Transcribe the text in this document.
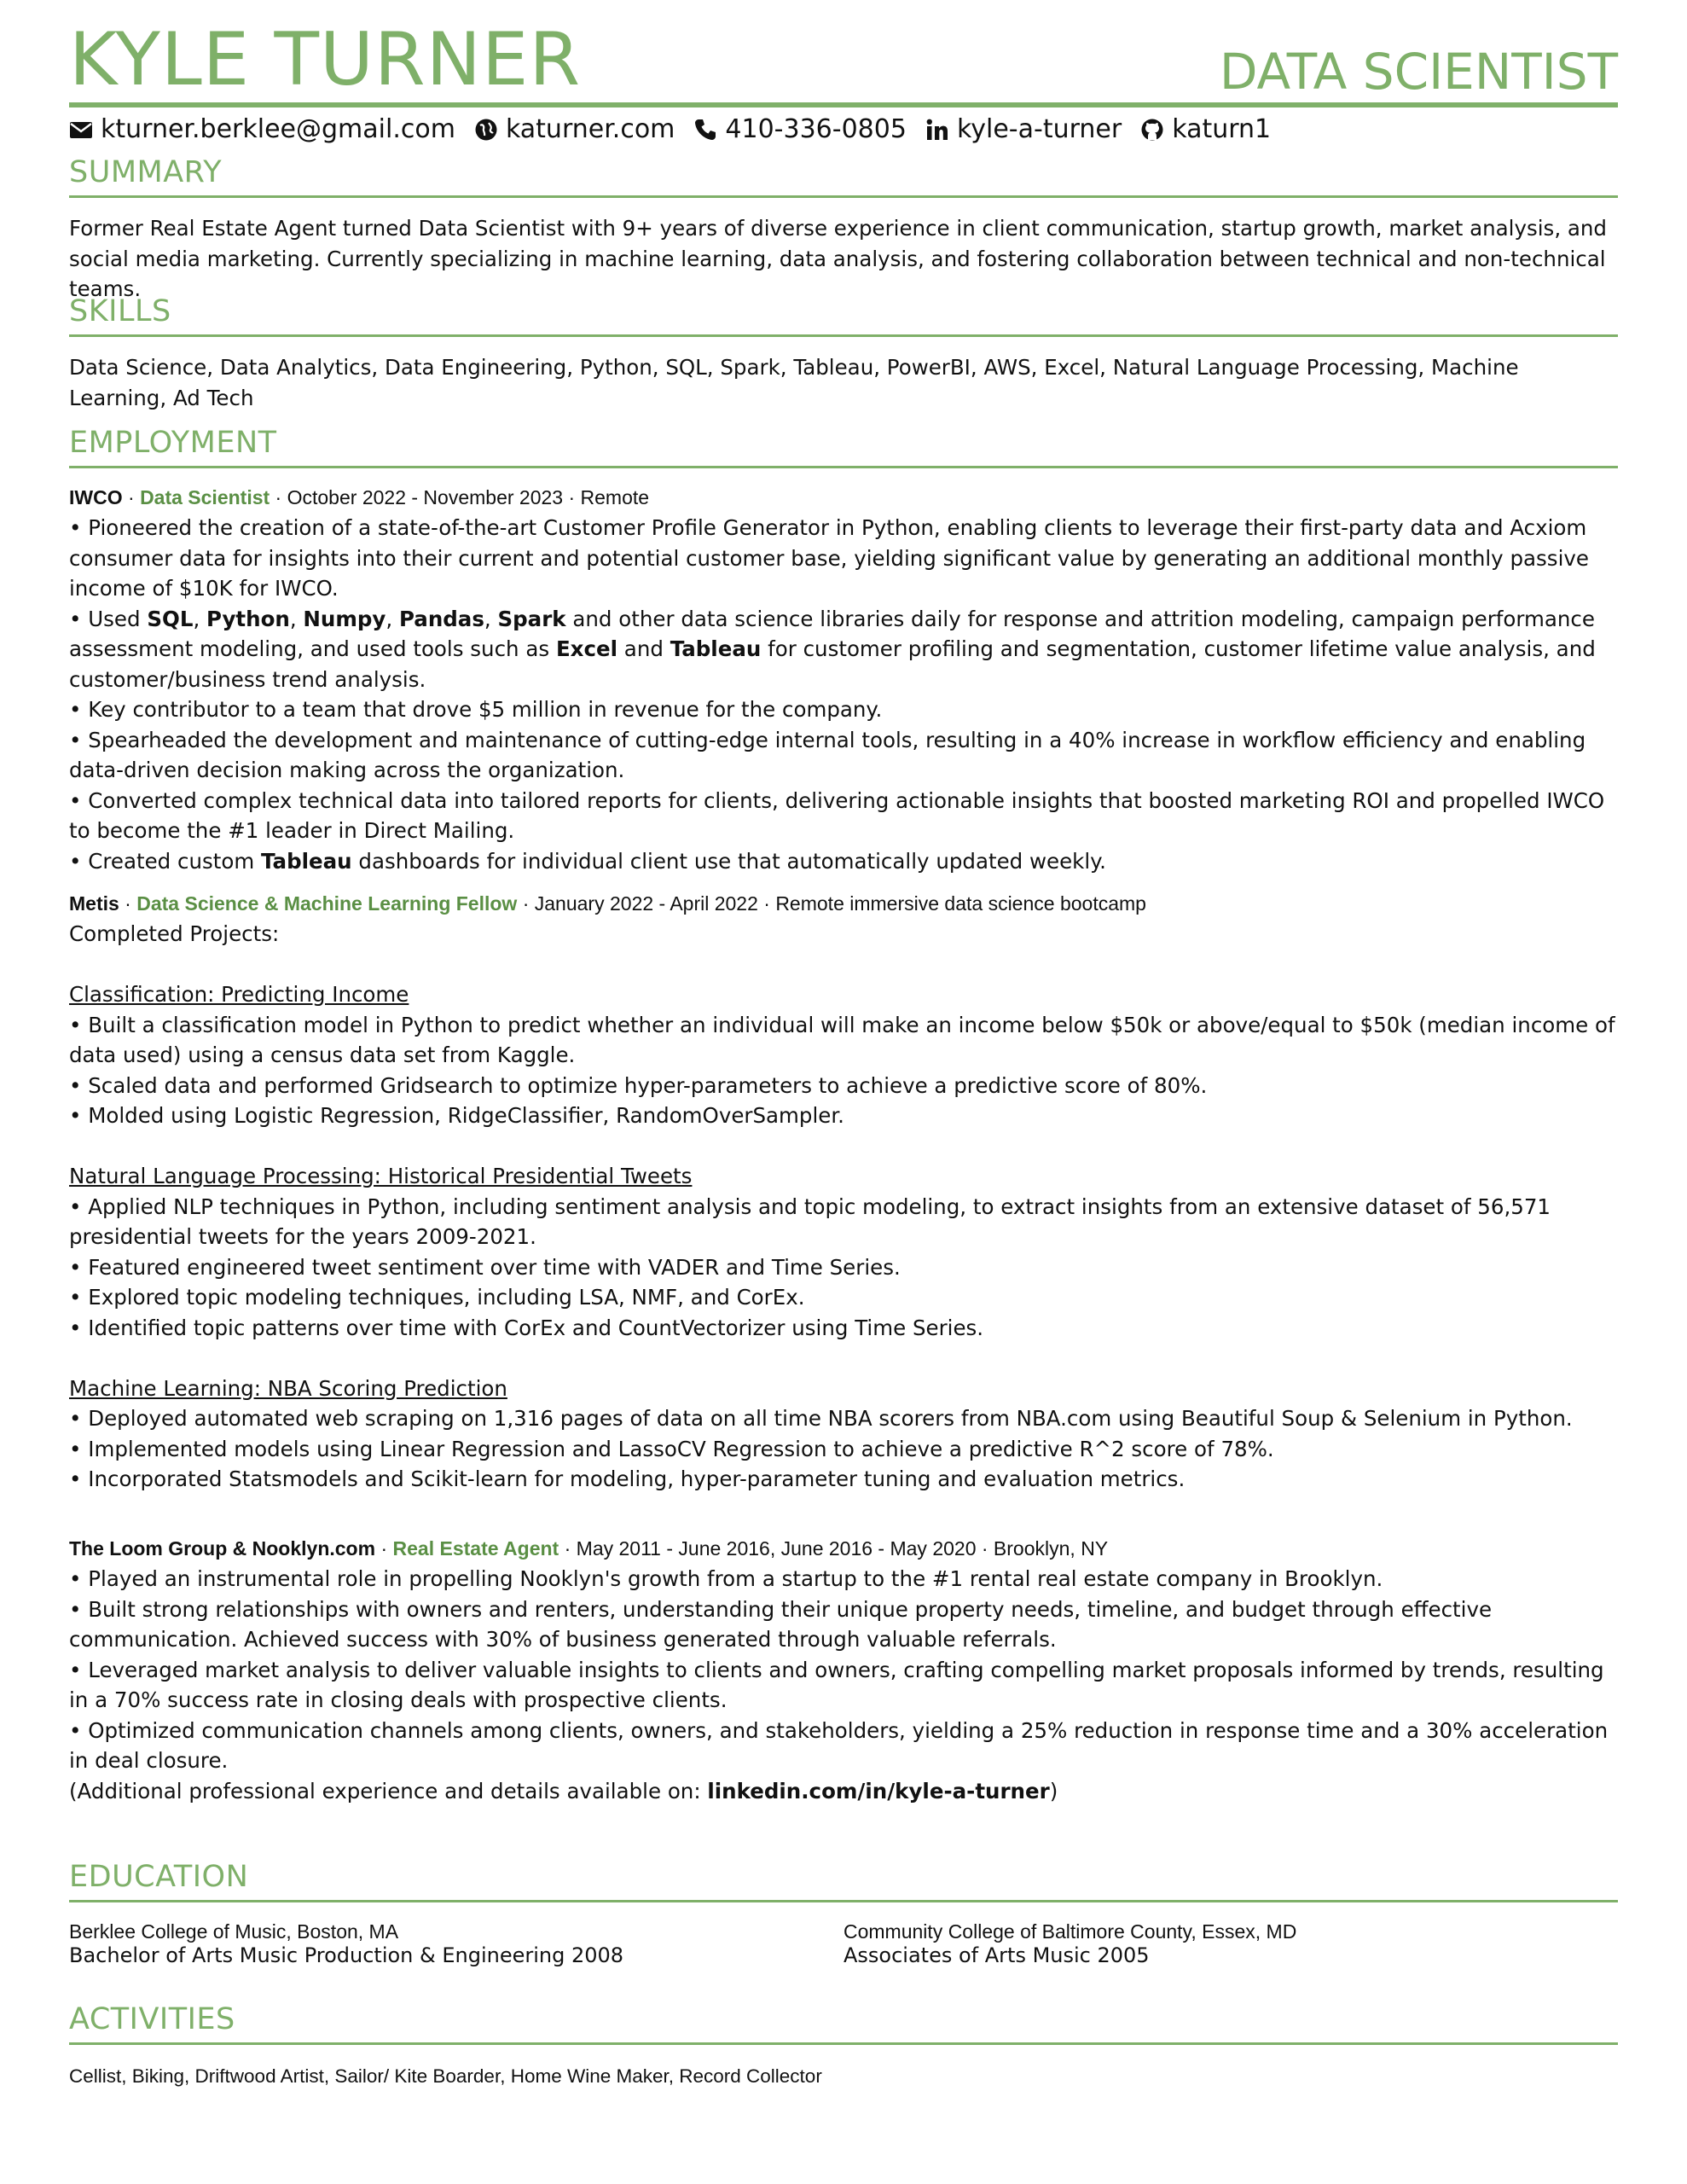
KYLE TURNER	DATA SCIENTIST
kturner.berklee@gmail.com katurner.com 410-336-0805 kyle-a-turner katurn1
SUMMARY

Former Real Estate Agent turned Data Scientist with 9+ years of diverse experience in client communication, startup growth, market analysis, and social media marketing. Currently specializing in machine learning, data analysis, and fostering collaboration between technical and non-technical teams.

SKILLS

Data Science, Data Analytics, Data Engineering, Python, SQL, Spark, Tableau, PowerBI, AWS, Excel, Natural Language Processing, Machine Learning, Ad Tech

EMPLOYMENT

IWCO · Data Scientist · October 2022 - November 2023 · Remote

• Pioneered the creation of a state-of-the-art Customer Profile Generator in Python, enabling clients to leverage their first-party data and Acxiom consumer data for insights into their current and potential customer base, yielding significant value by generating an additional monthly passive income of $10K for IWCO.

• Used SQL, Python, Numpy, Pandas, Spark and other data science libraries daily for response and attrition modeling, campaign performance assessment modeling, and used tools such as Excel and Tableau for customer profiling and segmentation, customer lifetime value analysis, and customer/business trend analysis.

• Key contributor to a team that drove $5 million in revenue for the company.

• Spearheaded the development and maintenance of cutting-edge internal tools, resulting in a 40% increase in workflow efficiency and enabling data-driven decision making across the organization.

• Converted complex technical data into tailored reports for clients, delivering actionable insights that boosted marketing ROI and propelled IWCO to become the #1 leader in Direct Mailing.

• Created custom Tableau dashboards for individual client use that automatically updated weekly.

Metis · Data Science & Machine Learning Fellow · January 2022 - April 2022 · Remote immersive data science bootcamp

Completed Projects:

Classification: Predicting Income

• Built a classification model in Python to predict whether an individual will make an income below $50k or above/equal to $50k (median income of data used) using a census data set from Kaggle.

• Scaled data and performed Gridsearch to optimize hyper-parameters to achieve a predictive score of 80%.

• Molded using Logistic Regression, RidgeClassifier, RandomOverSampler.

Natural Language Processing: Historical Presidential Tweets

• Applied NLP techniques in Python, including sentiment analysis and topic modeling, to extract insights from an extensive dataset of 56,571 presidential tweets for the years 2009-2021.

• Featured engineered tweet sentiment over time with VADER and Time Series.

• Explored topic modeling techniques, including LSA, NMF, and CorEx.

• Identified topic patterns over time with CorEx and CountVectorizer using Time Series.

Machine Learning: NBA Scoring Prediction

• Deployed automated web scraping on 1,316 pages of data on all time NBA scorers from NBA.com using Beautiful Soup & Selenium in Python.

• Implemented models using Linear Regression and LassoCV Regression to achieve a predictive R^2 score of 78%.

• Incorporated Statsmodels and Scikit-learn for modeling, hyper-parameter tuning and evaluation metrics.

The Loom Group & Nooklyn.com · Real Estate Agent · May 2011 - June 2016, June 2016 - May 2020 · Brooklyn, NY

• Played an instrumental role in propelling Nooklyn's growth from a startup to the #1 rental real estate company in Brooklyn.

• Built strong relationships with owners and renters, understanding their unique property needs, timeline, and budget through effective communication. Achieved success with 30% of business generated through valuable referrals.

• Leveraged market analysis to deliver valuable insights to clients and owners, crafting compelling market proposals informed by trends, resulting in a 70% success rate in closing deals with prospective clients.

• Optimized communication channels among clients, owners, and stakeholders, yielding a 25% reduction in response time and a 30% acceleration in deal closure.

(Additional professional experience and details available on: linkedin.com/in/kyle-a-turner)

EDUCATION
Berklee College of Music, Boston, MA
Bachelor of Arts Music Production & Engineering 2008
Community College of Baltimore County, Essex, MD
Associates of Arts Music 2005
ACTIVITIES
Cellist, Biking, Driftwood Artist, Sailor/ Kite Boarder, Home Wine Maker, Record Collector
